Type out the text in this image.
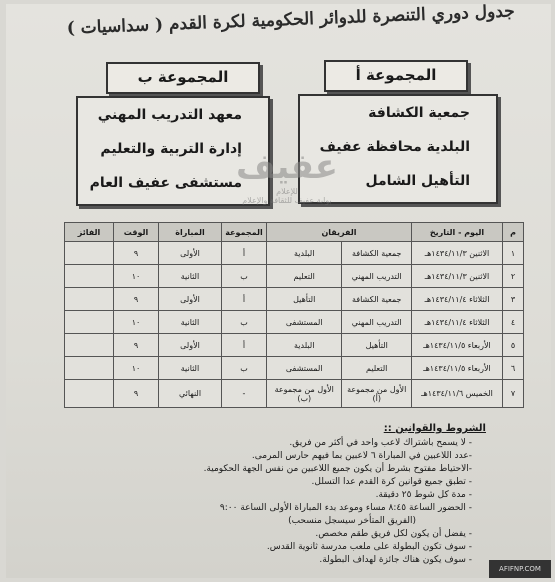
جدول دوري التنصرة للدوائر الحكومية لكرة القدم ( سداسيات )
المجموعة ب
معهد التدريب المهني
إدارة التربية والتعليم
مستشفى عفيف العام
المجموعة أ
جمعية الكشافة
البلدية محافظة عفيف
التأهيل الشامل
عفيف
للإعلام
بوابة عفيف للثقافة والإعلام
م	اليوم - التاريخ	الفريقان		المجموعة	المباراة	الوقت	الفائز
١	الاثنين ١٤٣٤/١١/٣هـ	جمعية الكشافة	البلدية	أ	الأولى	٩	
٢	الاثنين ١٤٣٤/١١/٣هـ	التدريب المهني	التعليم	ب	الثانية	١٠	
٣	الثلاثاء ١٤٣٤/١١/٤هـ	جمعية الكشافة	التأهيل	أ	الأولى	٩	
٤	الثلاثاء ١٤٣٤/١١/٤هـ	التدريب المهني	المستشفى	ب	الثانية	١٠	
٥	الأربعاء ١٤٣٤/١١/٥هـ	التأهيل	البلدية	أ	الأولى	٩	
٦	الأربعاء ١٤٣٤/١١/٥هـ	التعليم	المستشفى	ب	الثانية	١٠	
٧	الخميس ١٤٣٤/١١/٦هـ	الأول من مجموعة (أ)	الأول من مجموعة (ب)	-	النهائي	٩	
الشروط والقوانين ::
- لا يسمح باشتراك لاعب واحد في أكثر من فريق.
-عدد اللاعبين في المباراة ٦ لاعبين بما فيهم حارس المرمى.
-الاحتياط مفتوح بشرط أن يكون جميع اللاعبين من نفس الجهة الحكومية.
- تطبق جميع قوانين كرة القدم عدا التسلل.
- مدة كل شوط ٢٥ دقيقة.
- الحضور الساعة ٨:٤٥ مساء وموعد بدء المباراة الأولى الساعة ٩:٠٠
(الفريق المتأخر سيسجل منسحب)
- يفضل أن يكون لكل فريق طقم مخصص.
- سوف تكون البطولة على ملعب مدرسة ثانوية القدس.
- سوف يكون هناك جائزة لهداف البطولة.
AFIFNP.COM
